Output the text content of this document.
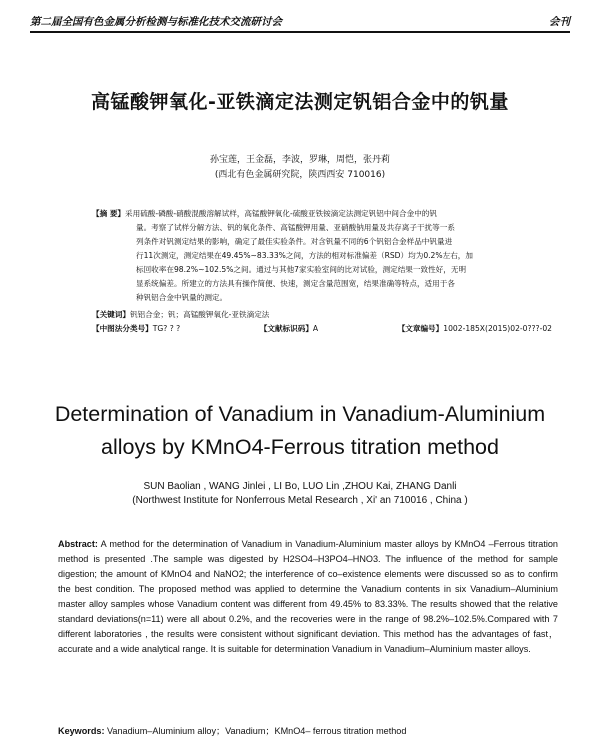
第二届全国有色金属分析检测与标准化技术交流研讨会	会刊
高锰酸钾氧化-亚铁滴定法测定钒铝合金中的钒量
孙宝莲，王金磊，李波，罗琳，周恺，张丹莉
(西北有色金属研究院，陕西西安 710016)
【摘 要】采用硫酸-磷酸-硝酸混酸溶解试样，高锰酸钾氧化-硫酸亚铁铵滴定法测定钒铝中间合金中的钒
量。考察了试样分解方法、钒的氧化条件、高锰酸钾用量、亚硝酸钠用量及共存离子干扰等一系
列条件对钒测定结果的影响，确定了最佳实验条件。对含钒量不同的6个钒铝合金样品中钒量进
行11次测定，测定结果在49.45%~83.33%之间，方法的相对标准偏差（RSD）均为0.2%左右，加
标回收率在98.2%~102.5%之间。通过与其他7家实验室间的比对试验，测定结果一致性好，无明
显系统偏差。所建立的方法具有操作简便、快速，测定含量范围宽，结果准确等特点，适用于各
种钒铝合金中钒量的测定。
【关键词】钒铝合金；钒；高锰酸钾氧化-亚铁滴定法
【中图法分类号】TG? ? ?	【文献标识码】A	【文章编号】1002-185X(2015)02-0???-02
Determination of Vanadium in Vanadium-Aluminium
alloys by KMnO4-Ferrous titration method
SUN Baolian , WANG Jinlei , LI Bo, LUO Lin ,ZHOU Kai, ZHANG Danli
(Northwest Institute for Nonferrous Metal Research , Xi' an 710016 , China )
Abstract: A method for the determination of Vanadium in Vanadium-Aluminium master alloys by KMnO4 –Ferrous titration method is presented .The sample was digested by H2SO4–H3PO4–HNO3. The influence of the method for sample digestion; the amount of KMnO4 and NaNO2; the interference of co–existence elements were discussed so as to confirm the best condition. The proposed method was applied to determine the Vanadium contents in six Vanadium–Aluminium master alloy samples whose Vanadium content was different from 49.45% to 83.33%. The results showed that the relative standard deviations(n=11) were all about 0.2%, and the recoveries were in the range of 98.2%–102.5%.Compared with 7 different laboratories , the results were consistent without significant deviation. This method has the advantages of fast，accurate and a wide analytical range. It is suitable for determination Vanadium in Vanadium–Aluminium master alloys.
Keywords: Vanadium–Aluminium alloy；Vanadium；KMnO4– ferrous titration method
